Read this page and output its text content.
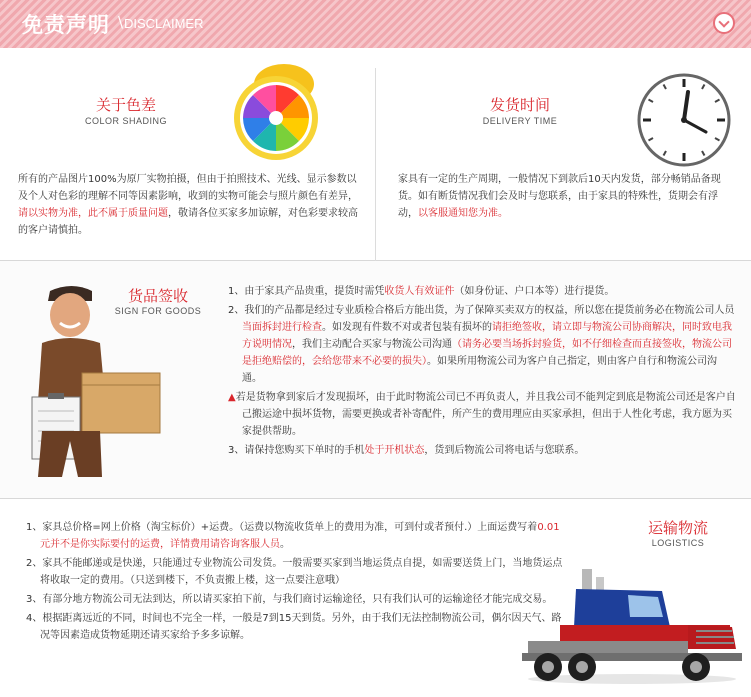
免责声明 \ DISCLAIMER
关于色差
COLOR SHADING

所有的产品图片100%为原厂实物拍摄，但由于拍照技术、光线、显示参数以及个人对色彩的理解不同等因素影响，收到的实物可能会与照片颜色有差异，请以实物为准，此不属于质量问题，敬请各位买家多加谅解，对色彩要求较高的客户请慎拍。

发货时间
DELIVERY TIME

家具有一定的生产周期，一般情况下到款后10天内发货，部分畅销品备现货。如有断货情况我们会及时与您联系，由于家具的特殊性，货期会有浮动，以客服通知您为准。

货品签收
SIGN FOR GOODS

1、由于家具产品贵重，提货时需凭收货人有效证件（如身份证、户口本等）进行提货。

2、我们的产品都是经过专业质检合格后方能出货，为了保障买卖双方的权益，所以您在提货前务必在物流公司人员当面拆封进行检查。如发现有件数不对或者包装有损坏的请拒绝签收，请立即与物流公司协商解决，同时致电我方说明情况，我们主动配合买家与物流公司沟通（请务必要当场拆封验货，如不仔细检查而直接签收，物流公司是拒绝赔偿的，会给您带来不必要的损失）。如果所用物流公司为客户自己指定，则由客户自行和物流公司沟通。

▲若是货物拿到家后才发现损坏，由于此时物流公司已不再负责人，并且我公司不能判定到底是物流公司还是客户自己搬运途中损坏货物，需要更换或者补寄配件，所产生的费用理应由买家承担，但出于人性化考虑，我方愿为买家提供帮助。

3、请保持您购买下单时的手机处于开机状态，货到后物流公司将电话与您联系。

1、家具总价格=网上价格（淘宝标价）+运费。（运费以物流收货单上的费用为准，可到付或者预付.）上面运费写着0.01元并不是你实际要付的运费，详情费用请咨询客服人员。

2、家具不能邮递或是快递，只能通过专业物流公司发货。一般需要买家到当地运货点自提，如需要送货上门，当地货运点将收取一定的费用。（只送到楼下，不负责搬上楼，这一点要注意哦）

3、有部分地方物流公司无法到达，所以请买家拍下前，与我们商讨运输途径，只有我们认可的运输途径才能完成交易。

4、根据距离远近的不同，时间也不完全一样，一般是7到15天到货。另外，由于我们无法控制物流公司，偶尔因天气、路况等因素造成货物延期还请买家给予多多谅解。

运输物流
LOGISTICS
